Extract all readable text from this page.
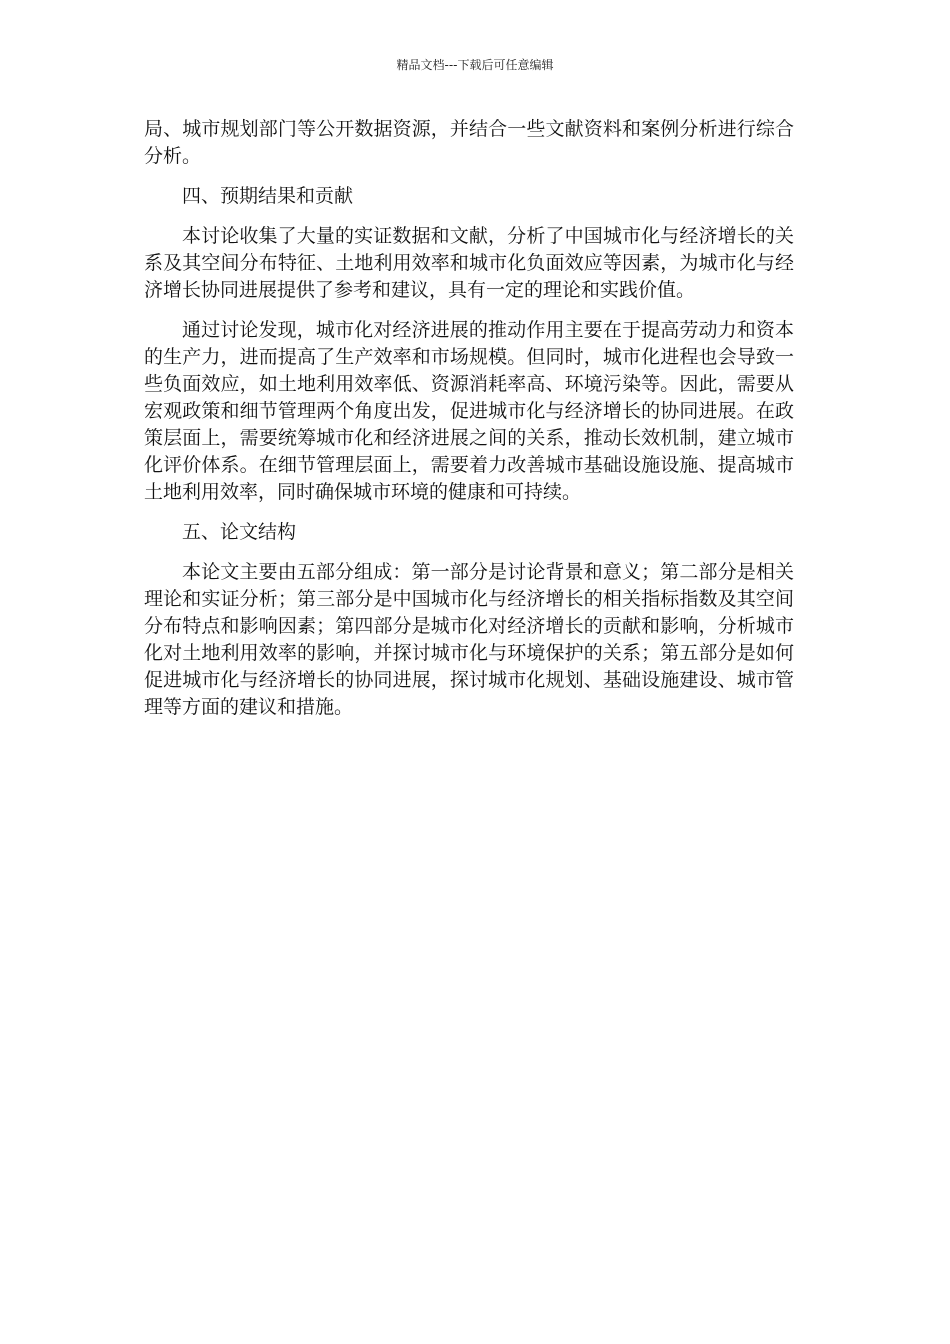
精品文档---下载后可任意编辑

局、城市规划部门等公开数据资源，并结合一些文献资料和案例分析进行综合分析。

四、预期结果和贡献

本讨论收集了大量的实证数据和文献，分析了中国城市化与经济增长的关系及其空间分布特征、土地利用效率和城市化负面效应等因素，为城市化与经济增长协同进展提供了参考和建议，具有一定的理论和实践价值。

通过讨论发现，城市化对经济进展的推动作用主要在于提高劳动力和资本的生产力，进而提高了生产效率和市场规模。但同时，城市化进程也会导致一些负面效应，如土地利用效率低、资源消耗率高、环境污染等。因此，需要从宏观政策和细节管理两个角度出发，促进城市化与经济增长的协同进展。在政策层面上，需要统筹城市化和经济进展之间的关系，推动长效机制，建立城市化评价体系。在细节管理层面上，需要着力改善城市基础设施设施、提高城市土地利用效率，同时确保城市环境的健康和可持续。

五、论文结构

本论文主要由五部分组成：第一部分是讨论背景和意义；第二部分是相关理论和实证分析；第三部分是中国城市化与经济增长的相关指标指数及其空间分布特点和影响因素；第四部分是城市化对经济增长的贡献和影响，分析城市化对土地利用效率的影响，并探讨城市化与环境保护的关系；第五部分是如何促进城市化与经济增长的协同进展，探讨城市化规划、基础设施建设、城市管理等方面的建议和措施。
